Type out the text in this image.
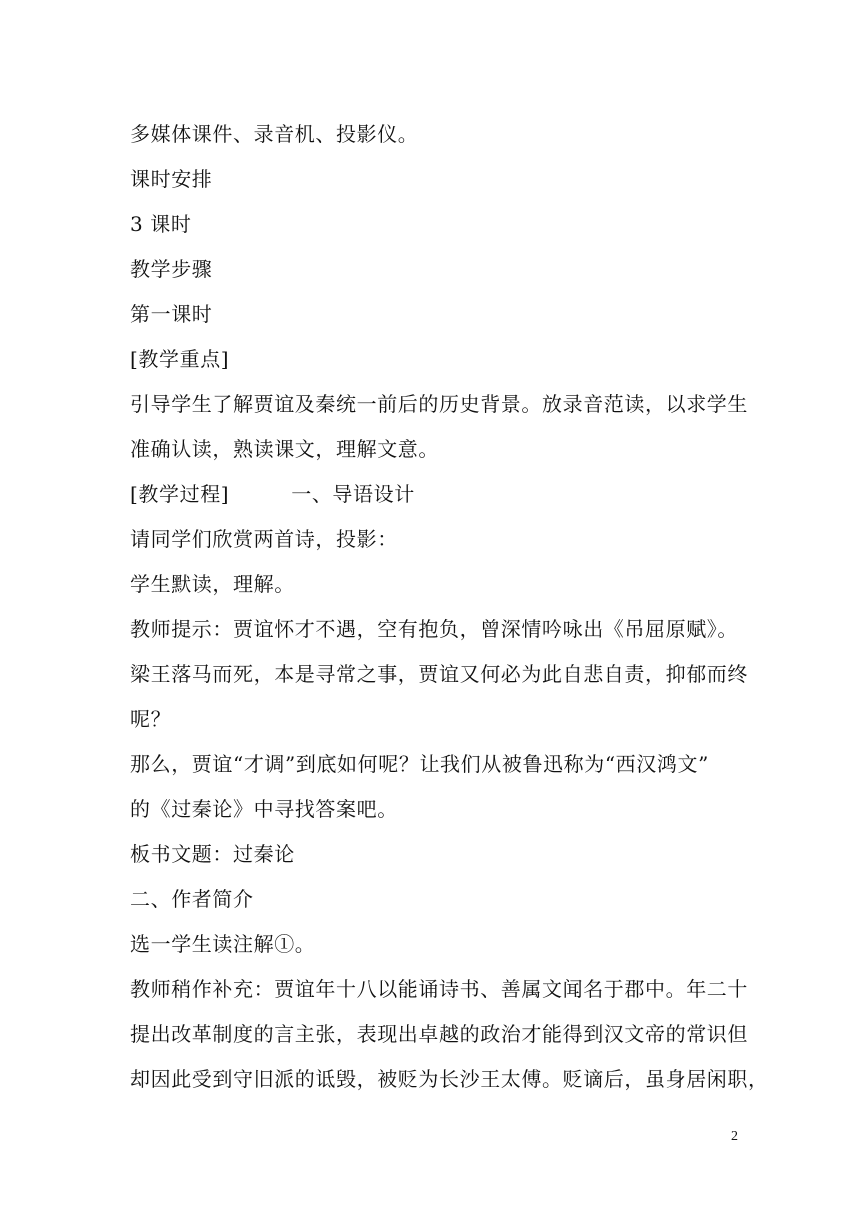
多媒体课件、录音机、投影仪。
课时安排
3 课时
教学步骤
第一课时
[教学重点]
引导学生了解贾谊及秦统一前后的历史背景。放录音范读，以求学生
准确认读，熟读课文，理解文意。
[教学过程]	一、导语设计
请同学们欣赏两首诗，投影：
学生默读，理解。
教师提示：贾谊怀才不遇，空有抱负，曾深情吟咏出《吊屈原赋》。
梁王落马而死，本是寻常之事，贾谊又何必为此自悲自责，抑郁而终
呢？
那么，贾谊“才调”到底如何呢？让我们从被鲁迅称为“西汉鸿文”
的《过秦论》中寻找答案吧。
板书文题：过秦论
二、作者简介
选一学生读注解①。
教师稍作补充：贾谊年十八以能诵诗书、善属文闻名于郡中。年二十
提出改革制度的言主张，表现出卓越的政治才能得到汉文帝的常识但
却因此受到守旧派的诋毁，被贬为长沙王太傅。贬谪后，虽身居闲职，
2
